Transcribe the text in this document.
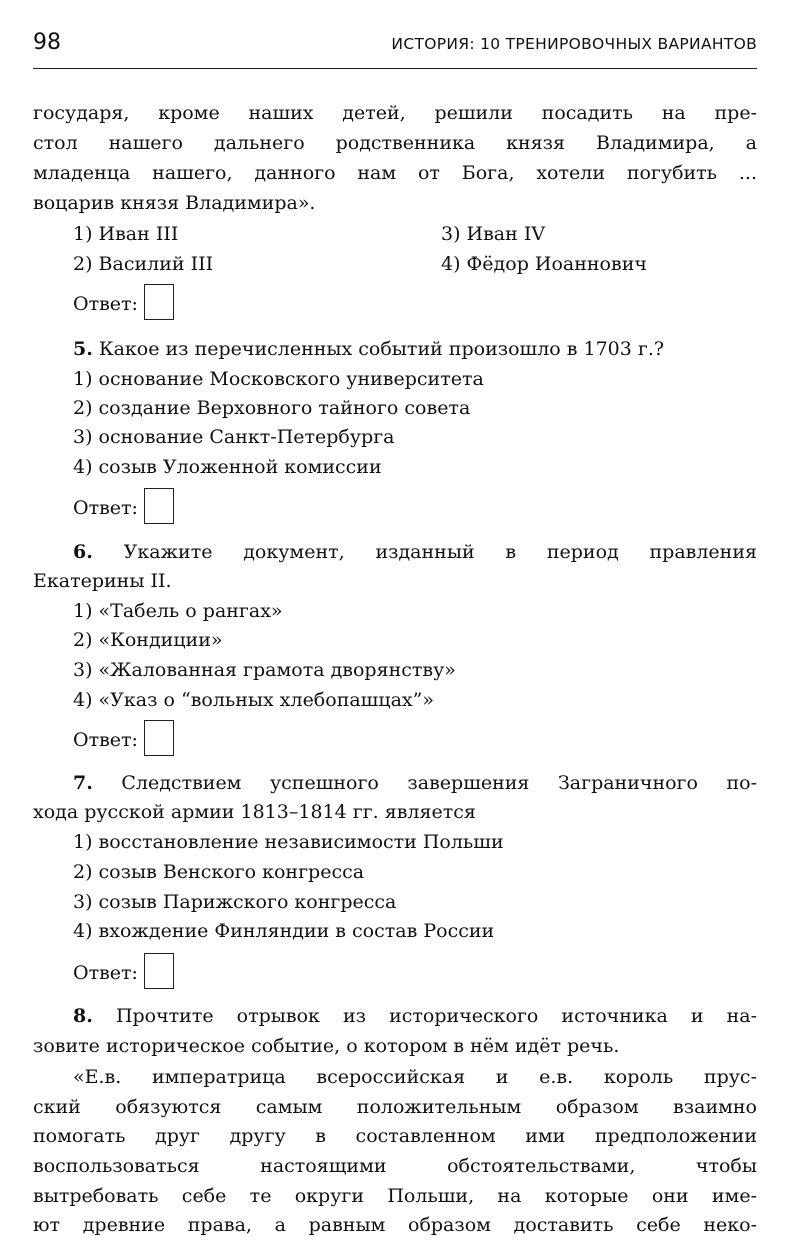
98	ИСТОРИЯ: 10 ТРЕНИРОВОЧНЫХ ВАРИАНТОВ

государя, кроме наших детей, решили посадить на пре-

стол нашего дальнего родственника князя Владимира, а

младенца нашего, данного нам от Бога, хотели погубить ...

воцарив князя Владимира».

1) Иван III	3) Иван IV

2) Василий III	4) Фёдор Иоаннович

Ответ:

5. Какое из перечисленных событий произошло в 1703 г.?

1) основание Московского университета

2) создание Верховного тайного совета

3) основание Санкт-Петербурга

4) созыв Уложенной комиссии

Ответ:

6. Укажите документ, изданный в период правления

Екатерины II.

1) «Табель о рангах»

2) «Кондиции»

3) «Жалованная грамота дворянству»

4) «Указ о “вольных хлебопашцах”»

Ответ:

7. Следствием успешного завершения Заграничного по-

хода русской армии 1813–1814 гг. является

1) восстановление независимости Польши

2) созыв Венского конгресса

3) созыв Парижского конгресса

4) вхождение Финляндии в состав России

Ответ:

8. Прочтите отрывок из исторического источника и на-

зовите историческое событие, о котором в нём идёт речь.

«Е.в. императрица всероссийская и е.в. король прус-

ский обязуются самым положительным образом взаимно

помогать друг другу в составленном ими предположении

воспользоваться настоящими обстоятельствами, чтобы

вытребовать себе те округи Польши, на которые они име-

ют древние права, а равным образом доставить себе неко-
